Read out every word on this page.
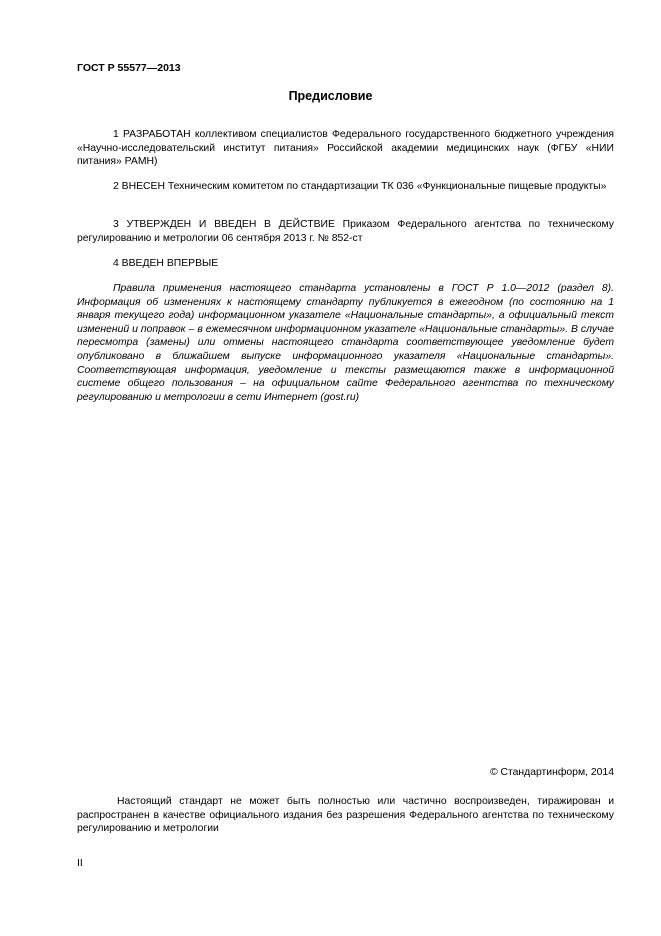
ГОСТ Р 55577—2013
Предисловие

1 РАЗРАБОТАН коллективом специалистов Федерального государственного бюджетного учреждения «Научно-исследовательский институт питания» Российской академии медицинских наук (ФГБУ «НИИ питания» РАМН)

2 ВНЕСЕН Техническим комитетом по стандартизации ТК 036 «Функциональные пищевые продукты»

3 УТВЕРЖДЕН И ВВЕДЕН В ДЕЙСТВИЕ Приказом Федерального агентства по техническому регулированию и метрологии 06 сентября 2013 г. № 852-ст

4 ВВЕДЕН ВПЕРВЫЕ

Правила применения настоящего стандарта установлены в ГОСТ Р 1.0—2012 (раздел 8). Информация об изменениях к настоящему стандарту публикуется в ежегодном (по состоянию на 1 января текущего года) информационном указателе «Национальные стандарты», а официальный текст изменений и поправок – в ежемесячном информационном указателе «Национальные стандарты». В случае пересмотра (замены) или отмены настоящего стандарта соответствующее уведомление будет опубликовано в ближайшем выпуске информационного указателя «Национальные стандарты». Соответствующая информация, уведомление и тексты размещаются также в информационной системе общего пользования – на официальном сайте Федерального агентства по техническому регулированию и метрологии в сети Интернет (gost.ru)

© Стандартинформ, 2014

Настоящий стандарт не может быть полностью или частично воспроизведен, тиражирован и распространен в качестве официального издания без разрешения Федерального агентства по техническому регулированию и метрологии

II
